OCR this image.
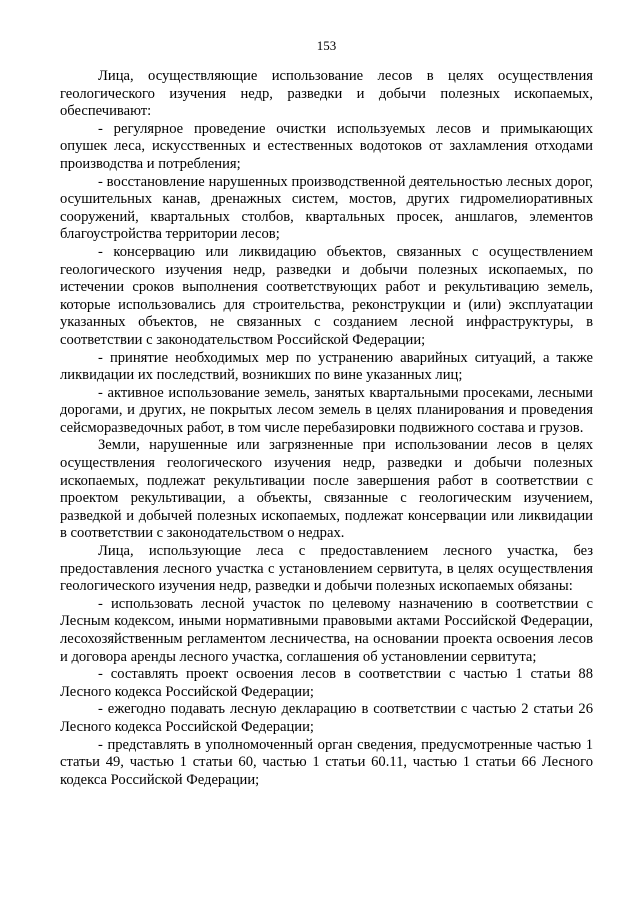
153

Лица, осуществляющие использование лесов в целях осуществления геологического изучения недр, разведки и добычи полезных ископаемых, обеспечивают:

- регулярное проведение очистки используемых лесов и примыкающих опушек леса, искусственных и естественных водотоков от захламления отходами производства и потребления;

- восстановление нарушенных производственной деятельностью лесных дорог, осушительных канав, дренажных систем, мостов, других гидромелиоративных сооружений, квартальных столбов, квартальных просек, аншлагов, элементов благоустройства территории лесов;

- консервацию или ликвидацию объектов, связанных с осуществлением геологического изучения недр, разведки и добычи полезных ископаемых, по истечении сроков выполнения соответствующих работ и рекультивацию земель, которые использовались для строительства, реконструкции и (или) эксплуатации указанных объектов, не связанных с созданием лесной инфраструктуры, в соответствии с законодательством Российской Федерации;

- принятие необходимых мер по устранению аварийных ситуаций, а также ликвидации их последствий, возникших по вине указанных лиц;

- активное использование земель, занятых квартальными просеками, лесными дорогами, и других, не покрытых лесом земель в целях планирования и проведения сейсморазведочных работ, в том числе перебазировки подвижного состава и грузов.

Земли, нарушенные или загрязненные при использовании лесов в целях осуществления геологического изучения недр, разведки и добычи полезных ископаемых, подлежат рекультивации после завершения работ в соответствии с проектом рекультивации, а объекты, связанные с геологическим изучением, разведкой и добычей полезных ископаемых, подлежат консервации или ликвидации в соответствии с законодательством о недрах.

Лица, использующие леса с предоставлением лесного участка, без предоставления лесного участка с установлением сервитута, в целях осуществления геологического изучения недр, разведки и добычи полезных ископаемых обязаны:

- использовать лесной участок по целевому назначению в соответствии с Лесным кодексом, иными нормативными правовыми актами Российской Федерации, лесохозяйственным регламентом лесничества, на основании проекта освоения лесов и договора аренды лесного участка, соглашения об установлении сервитута;

- составлять проект освоения лесов в соответствии с частью 1 статьи 88 Лесного кодекса Российской Федерации;

- ежегодно подавать лесную декларацию в соответствии с частью 2 статьи 26 Лесного кодекса Российской Федерации;

- представлять в уполномоченный орган сведения, предусмотренные частью 1 статьи 49, частью 1 статьи 60, частью 1 статьи 60.11, частью 1 статьи 66 Лесного кодекса Российской Федерации;
